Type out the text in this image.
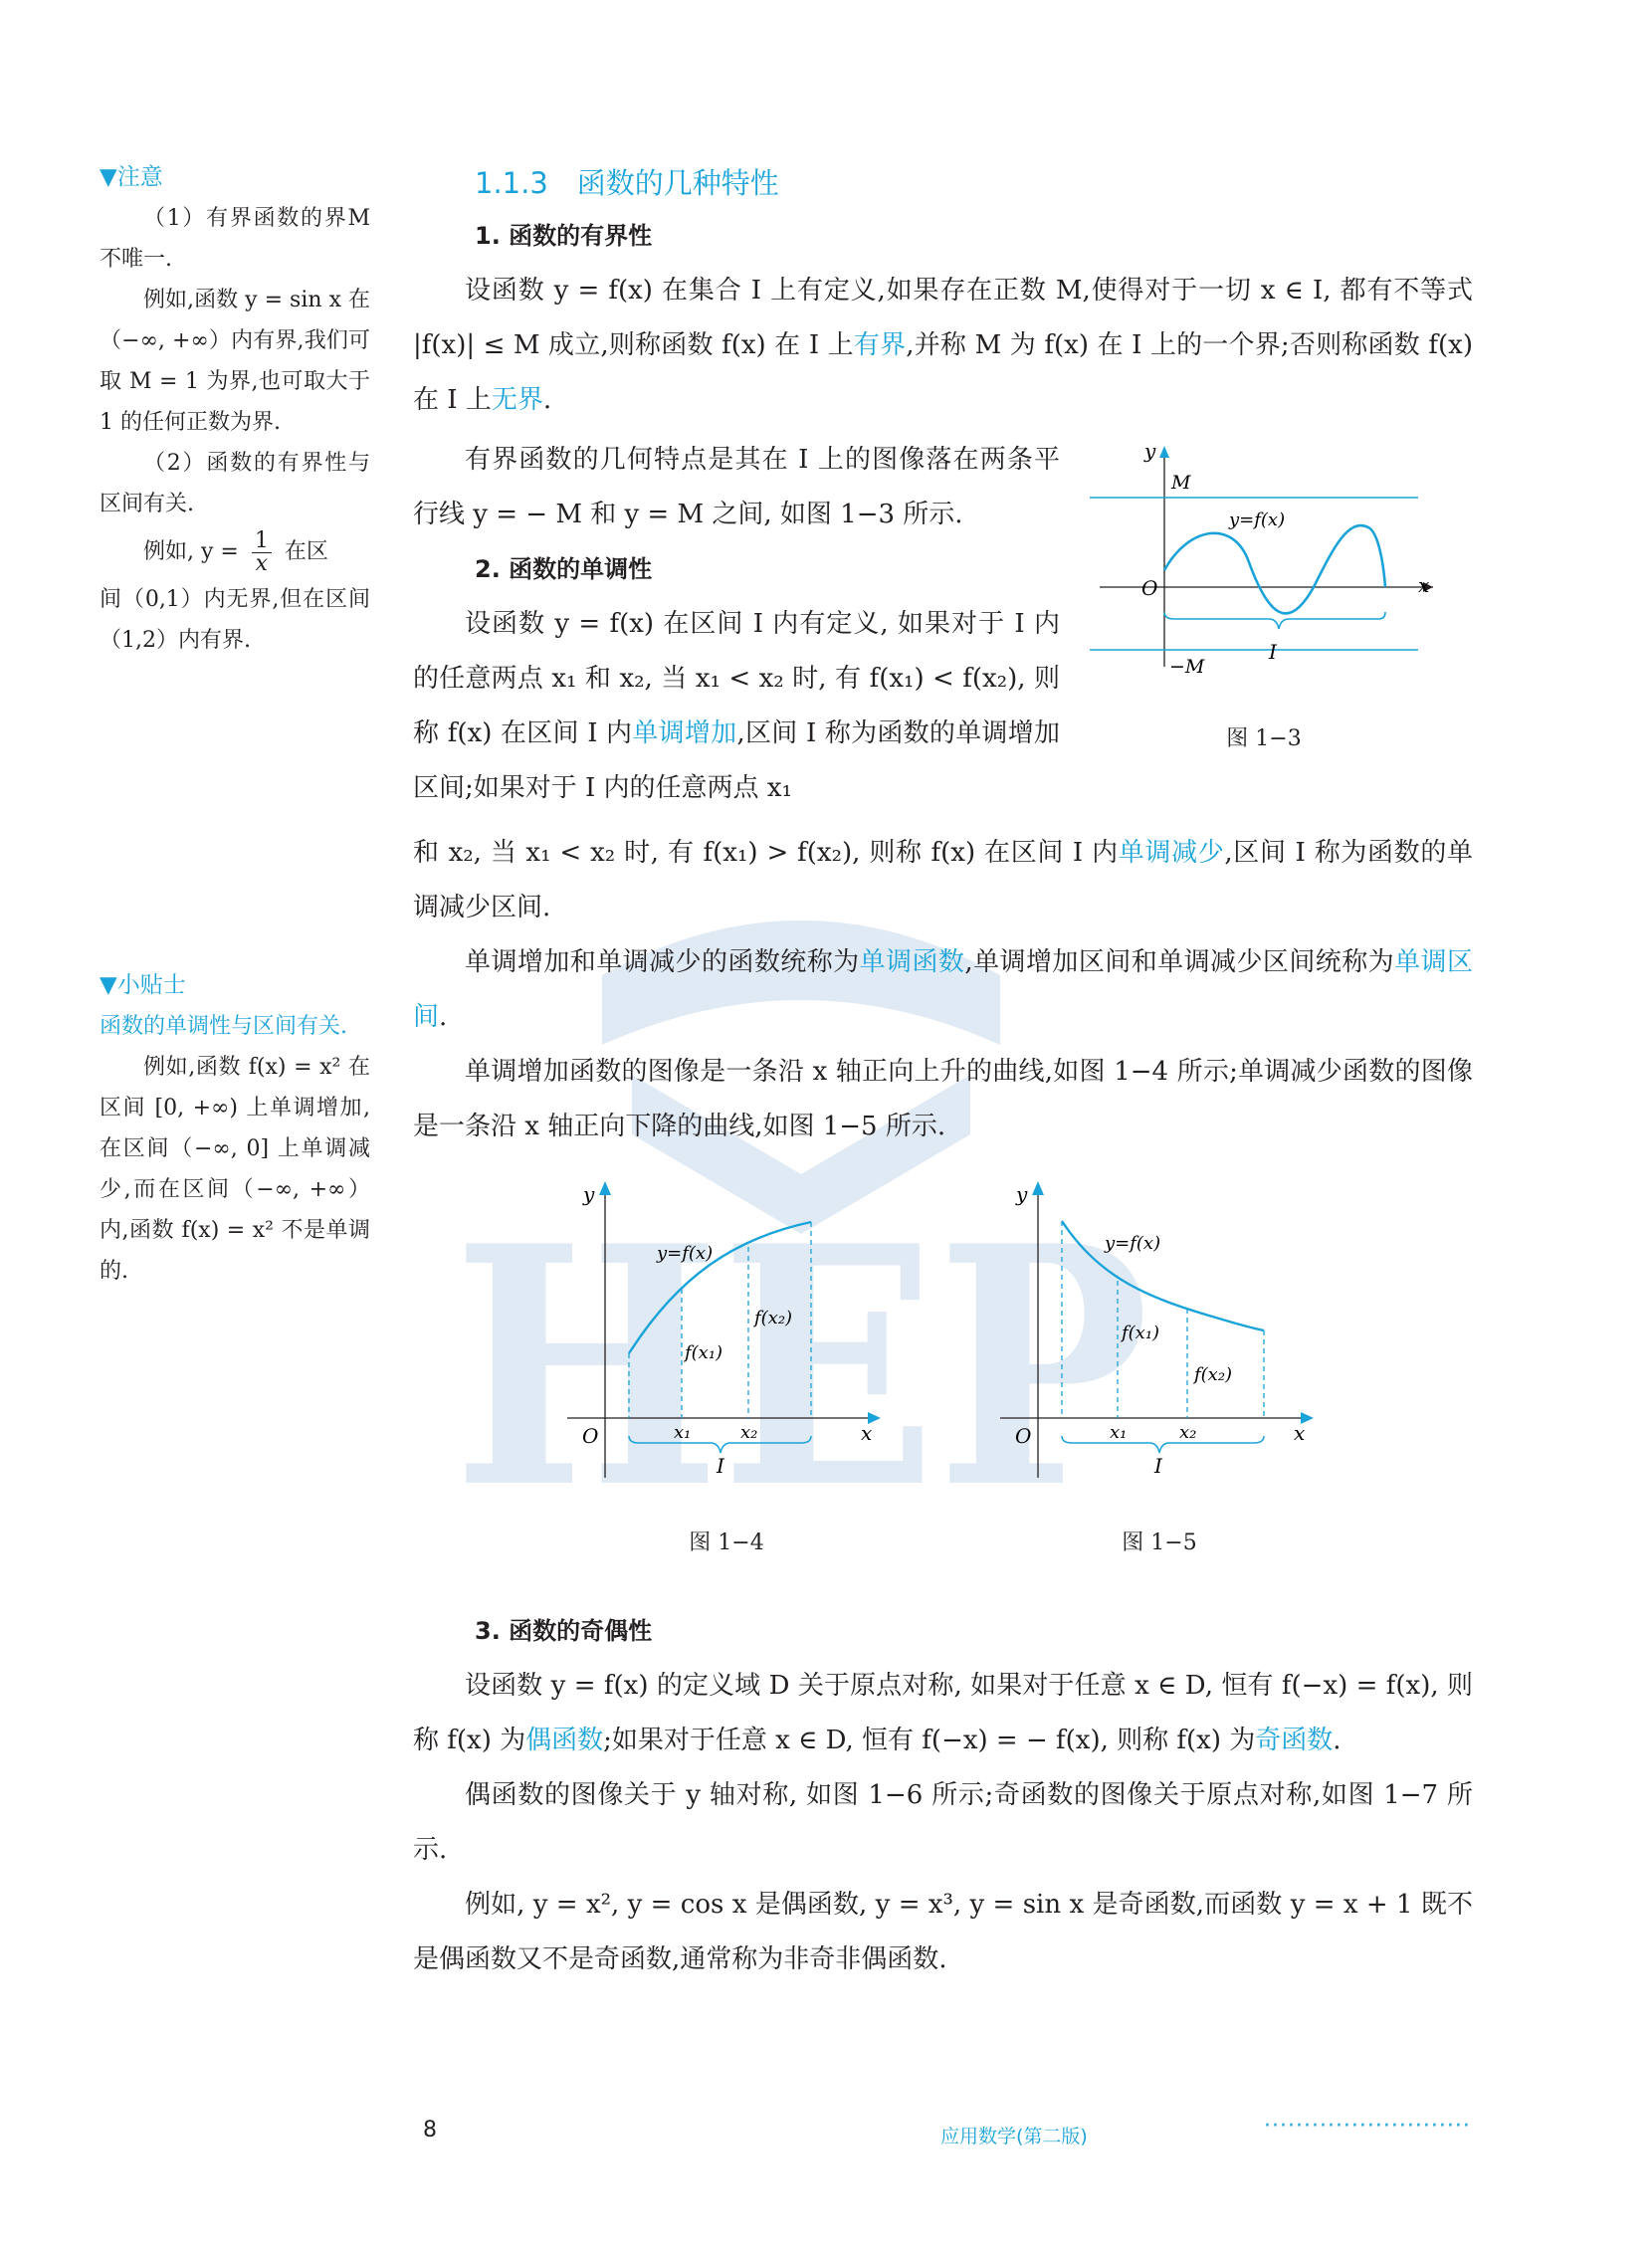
HEP
▼注意

（1）有界函数的界M不唯一.

例如,函数 y = sin x 在（−∞, +∞）内有界,我们可取 M = 1 为界,也可取大于 1 的任何正数为界.

（2）函数的有界性与区间有关.

例如, $y = \frac{1}{x}$ 在区

间（0,1）内无界,但在区间（1,2）内有界.

▼小贴士

函数的单调性与区间有关.

例如,函数 f(x) = x² 在区间 [0, +∞) 上单调增加,在区间（−∞, 0] 上单调减少,而在区间（−∞, +∞）内,函数 f(x) = x² 不是单调的.

1.1.3　函数的几种特性
1. 函数的有界性

设函数 y = f(x) 在集合 I 上有定义,如果存在正数 M,使得对于一切 x ∈ I, 都有不等式 |f(x)| ≤ M 成立,则称函数 f(x) 在 I 上有界,并称 M 为 f(x) 在 I 上的一个界;否则称函数 f(x) 在 I 上无界.

有界函数的几何特点是其在 I 上的图像落在两条平行线 y = − M 和 y = M 之间, 如图 1−3 所示.

2. 函数的单调性

设函数 y = f(x) 在区间 I 内有定义, 如果对于 I 内的任意两点 x₁ 和 x₂, 当 x₁ < x₂ 时, 有 f(x₁) < f(x₂), 则称 f(x) 在区间 I 内单调增加,区间 I 称为函数的单调增加区间;如果对于 I 内的任意两点 x₁

和 x₂, 当 x₁ < x₂ 时, 有 f(x₁) > f(x₂), 则称 f(x) 在区间 I 内单调减少,区间 I 称为函数的单调减少区间.

单调增加和单调减少的函数统称为单调函数,单调增加区间和单调减少区间统称为单调区间.

单调增加函数的图像是一条沿 x 轴正向上升的曲线,如图 1−4 所示;单调减少函数的图像是一条沿 x 轴正向下降的曲线,如图 1−5 所示.

y
x
O
M
y=f(x)
I
−M
图 1−3
y
x
O
y=f(x)
f(x₁)
f(x₂)
x₁	x₂
I
图 1−4
y
x
O
y=f(x)
f(x₁)
f(x₂)
x₁	x₂
I
图 1−5
3. 函数的奇偶性

设函数 y = f(x) 的定义域 D 关于原点对称, 如果对于任意 x ∈ D, 恒有 f(−x) = f(x), 则称 f(x) 为偶函数;如果对于任意 x ∈ D, 恒有 f(−x) = − f(x), 则称 f(x) 为奇函数.

偶函数的图像关于 y 轴对称, 如图 1−6 所示;奇函数的图像关于原点对称,如图 1−7 所示.

例如, y = x², y = cos x 是偶函数, y = x³, y = sin x 是奇函数,而函数 y = x + 1 既不是偶函数又不是奇函数,通常称为非奇非偶函数.

8	应用数学(第二版)	··························
